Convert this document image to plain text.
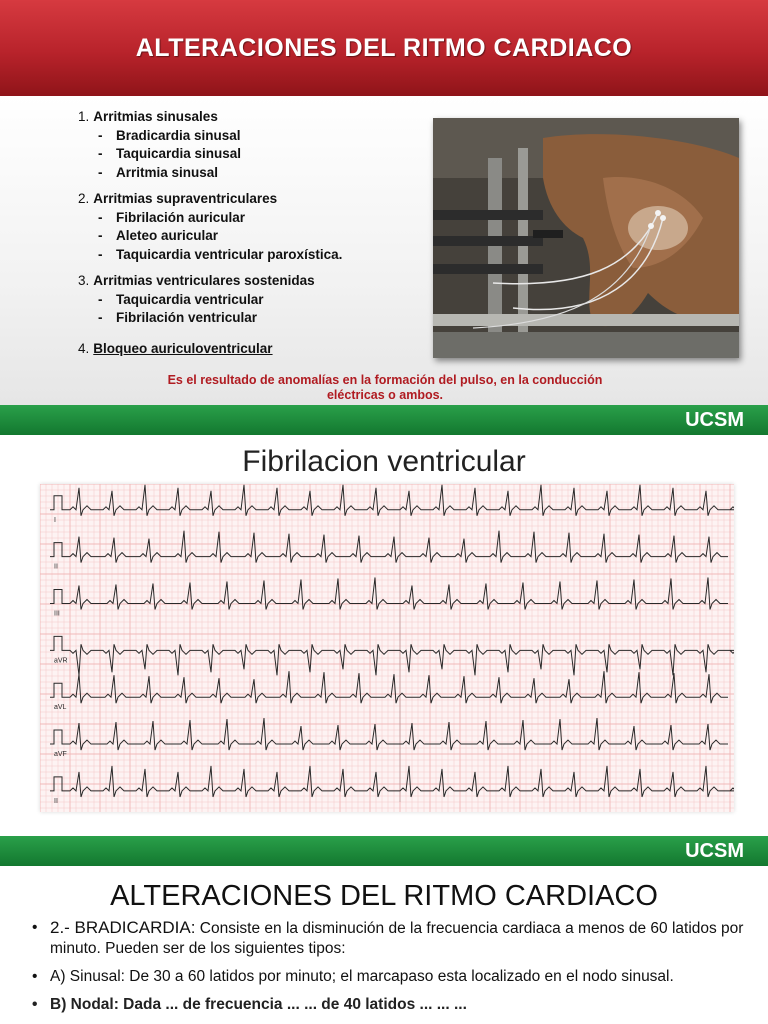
ALTERACIONES DEL RITMO CARDIACO
1. Arritmias sinusales
- Bradicardia sinusal
- Taquicardia sinusal
- Arritmia sinusal
2. Arritmias supraventriculares
- Fibrilación auricular
- Aleteo auricular
- Taquicardia ventricular paroxística.
3. Arritmias ventriculares sostenidas
- Taquicardia ventricular
- Fibrilación ventricular
4. Bloqueo auriculoventricular
Es el resultado de anomalías en la formación del pulso, en la conducción
eléctricas o ambos.
UCSM
Fibrilacion ventricular
I
II
III
aVR
aVL
aVF
II
UCSM
ALTERACIONES DEL RITMO CARDIACO
• 2.- BRADICARDIA: Consiste en la disminución de la frecuencia cardiaca a menos de 60 latidos por minuto. Pueden ser de los siguientes tipos:
• A) Sinusal: De 30 a 60 latidos por minuto; el marcapaso esta localizado en el nodo sinusal.
• B) Nodal: Dada ... de frecuencia ... ... de 40 latidos ... ... ...
